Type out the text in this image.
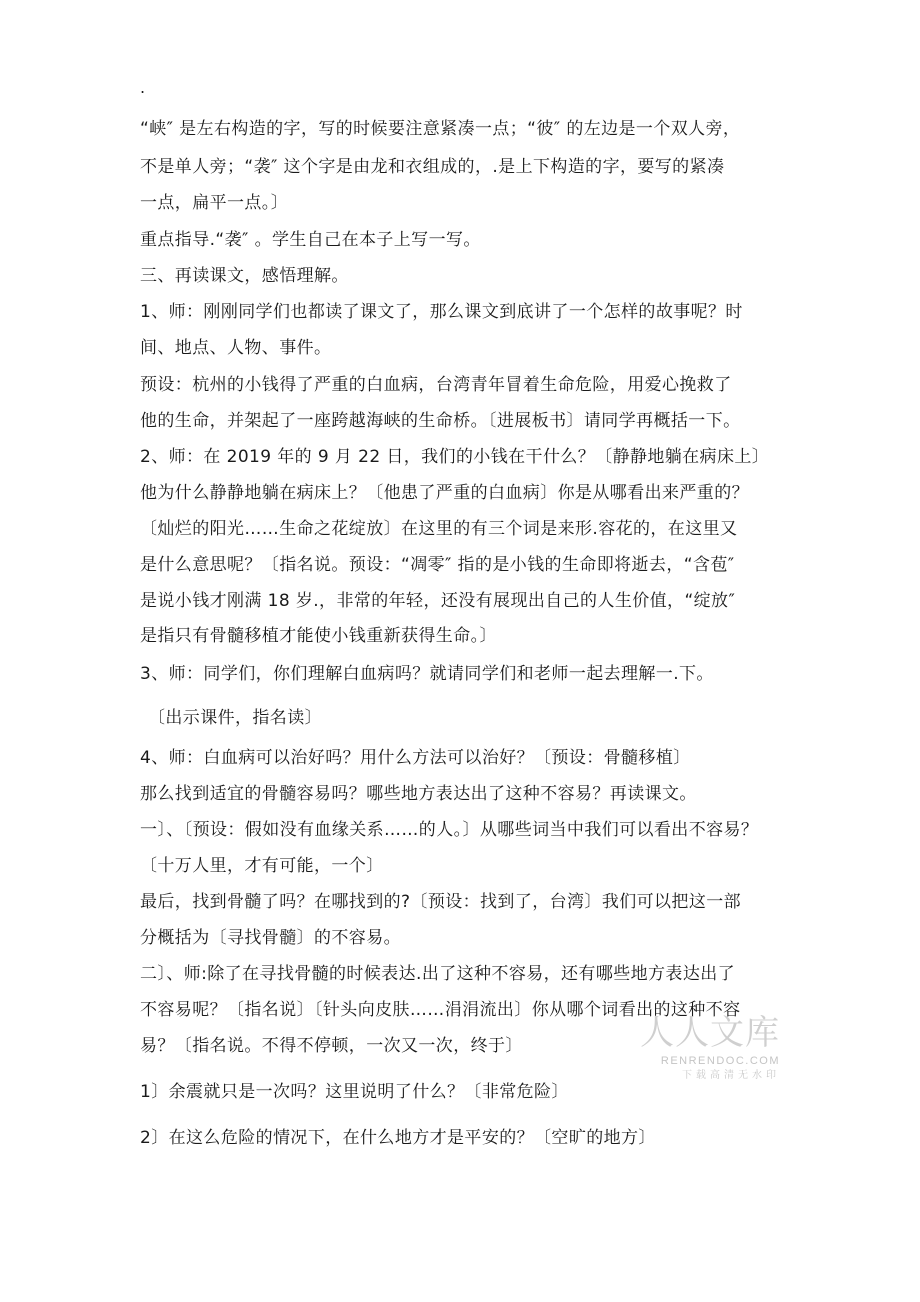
.
“峡″ 是左右构造的字，写的时候要注意紧凑一点；“彼″ 的左边是一个双人旁，
不是单人旁；“袭″ 这个字是由龙和衣组成的，.是上下构造的字，要写的紧凑
一点，扁平一点。〕
重点指导.“袭″ 。学生自己在本子上写一写。
三、再读课文，感悟理解。
1、师：刚刚同学们也都读了课文了，那么课文到底讲了一个怎样的故事呢？时
间、地点、人物、事件。
预设：杭州的小钱得了严重的白血病，台湾青年冒着生命危险，用爱心挽救了
他的生命，并架起了一座跨越海峡的生命桥。〔进展板书〕请同学再概括一下。
2、师：在 2019 年的 9 月 22 日，我们的小钱在干什么？〔静静地躺在病床上〕
他为什么静静地躺在病床上？〔他患了严重的白血病〕你是从哪看出来严重的？
〔灿烂的阳光……生命之花绽放〕在这里的有三个词是来形.容花的，在这里又
是什么意思呢？〔指名说。预设：“凋零″ 指的是小钱的生命即将逝去，“含苞″
是说小钱才刚满 18 岁.，非常的年轻，还没有展现出自己的人生价值，“绽放″
是指只有骨髓移植才能使小钱重新获得生命。〕
3、师：同学们，你们理解白血病吗？就请同学们和老师一起去理解一.下。
〔出示课件，指名读〕
4、师：白血病可以治好吗？用什么方法可以治好？〔预设：骨髓移植〕
那么找到适宜的骨髓容易吗？哪些地方表达出了这种不容易？再读课文。
一〕、〔预设：假如没有血缘关系……的人。〕从哪些词当中我们可以看出不容易？
〔十万人里，才有可能，一个〕
最后，找到骨髓了吗？在哪找到的?〔预设：找到了，台湾〕我们可以把这一部
分概括为〔寻找骨髓〕的不容易。
二〕、师:除了在寻找骨髓的时候表达.出了这种不容易，还有哪些地方表达出了
不容易呢？〔指名说〕〔针头向皮肤……涓涓流出〕你从哪个词看出的这种不容
易？〔指名说。不得不停顿，一次又一次，终于〕
1〕余震就只是一次吗？这里说明了什么？〔非常危险〕
2〕在这么危险的情况下，在什么地方才是平安的？〔空旷的地方〕
人人文库
RENRENDOC.COM
下载高清无水印
